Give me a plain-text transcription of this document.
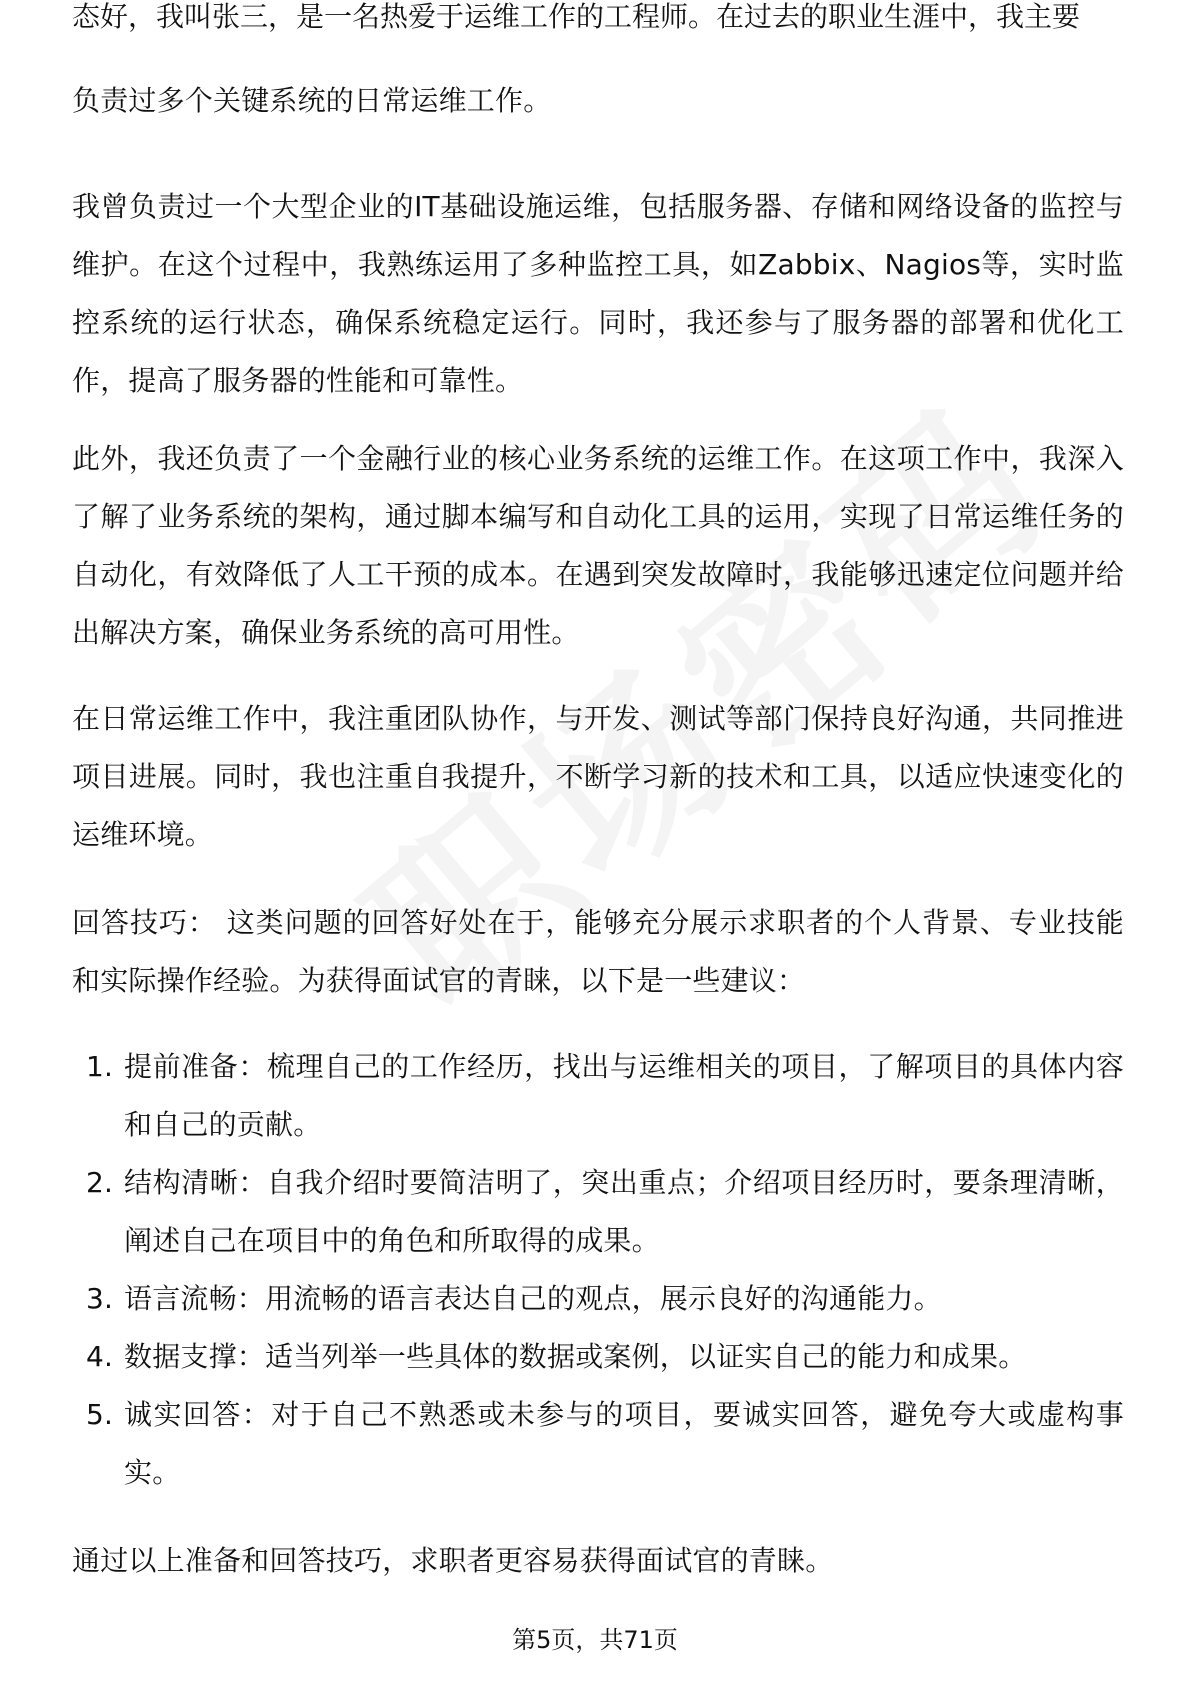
态好，我叫张三，是一名热爱于运维工作的工程师。在过去的职业生涯中，我主要

负责过多个关键系统的日常运维工作。

我曾负责过一个大型企业的IT基础设施运维，包括服务器、存储和网络设备的监控与维护。在这个过程中，我熟练运用了多种监控工具，如Zabbix、Nagios等，实时监控系统的运行状态，确保系统稳定运行。同时，我还参与了服务器的部署和优化工作，提高了服务器的性能和可靠性。

此外，我还负责了一个金融行业的核心业务系统的运维工作。在这项工作中，我深入了解了业务系统的架构，通过脚本编写和自动化工具的运用，实现了日常运维任务的自动化，有效降低了人工干预的成本。在遇到突发故障时，我能够迅速定位问题并给出解决方案，确保业务系统的高可用性。

在日常运维工作中，我注重团队协作，与开发、测试等部门保持良好沟通，共同推进项目进展。同时，我也注重自我提升，不断学习新的技术和工具，以适应快速变化的运维环境。

回答技巧： 这类问题的回答好处在于，能够充分展示求职者的个人背景、专业技能和实际操作经验。为获得面试官的青睐，以下是一些建议：

1. 提前准备：梳理自己的工作经历，找出与运维相关的项目，了解项目的具体内容和自己的贡献。
2. 结构清晰：自我介绍时要简洁明了，突出重点；介绍项目经历时，要条理清晰，阐述自己在项目中的角色和所取得的成果。
3. 语言流畅：用流畅的语言表达自己的观点，展示良好的沟通能力。
4. 数据支撑：适当列举一些具体的数据或案例，以证实自己的能力和成果。
5. 诚实回答：对于自己不熟悉或未参与的项目，要诚实回答，避免夸大或虚构事实。

通过以上准备和回答技巧，求职者更容易获得面试官的青睐。

第5页，共71页
